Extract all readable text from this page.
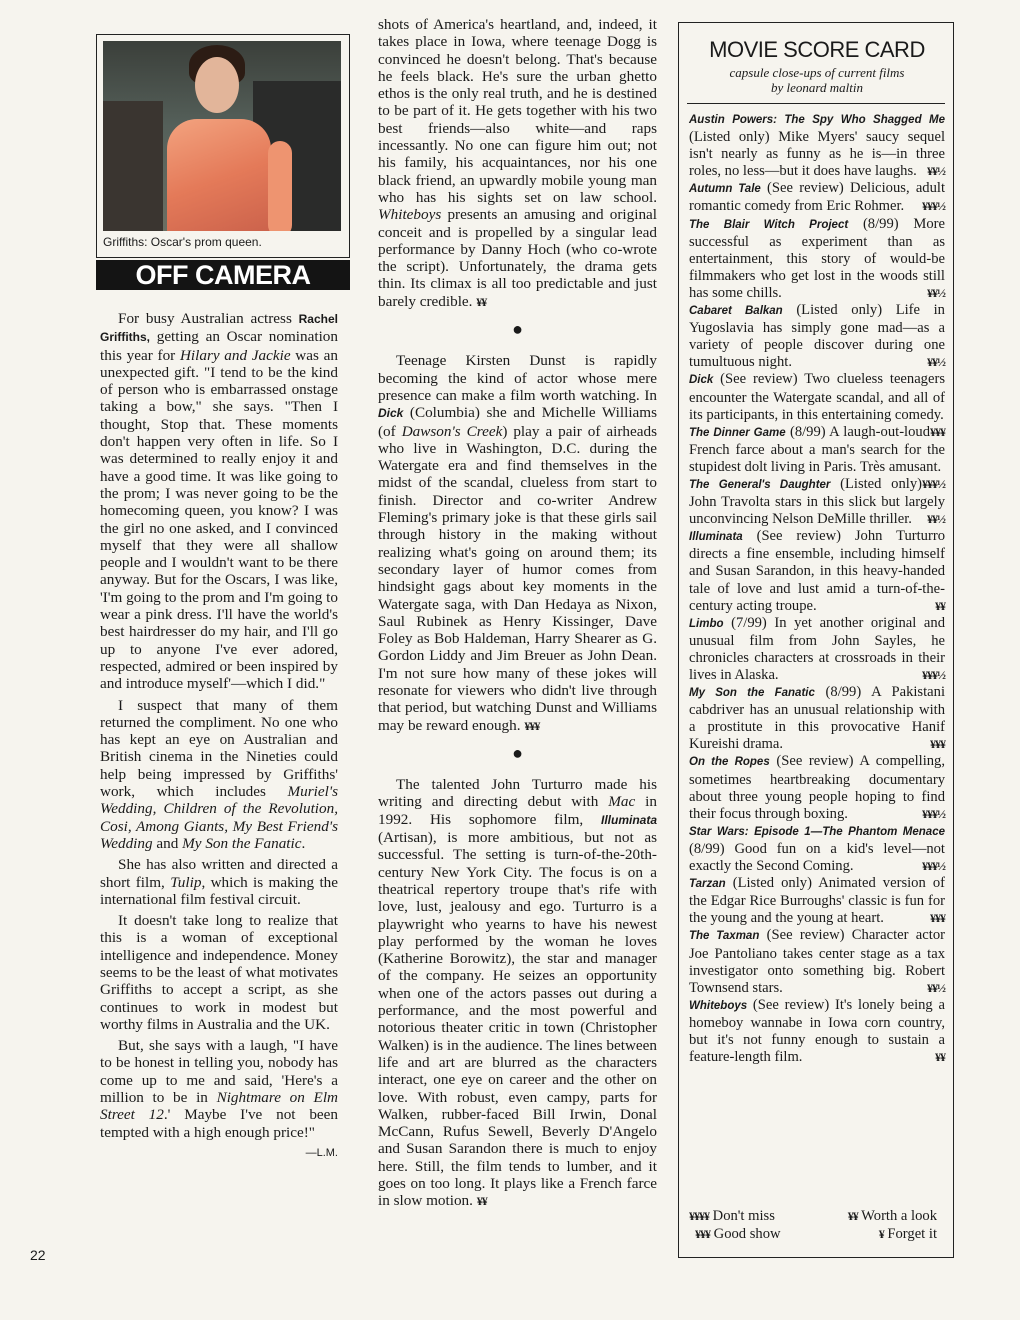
22
Griffiths: Oscar's prom queen.
OFF CAMERA

For busy Australian actress Rachel Griffiths, getting an Oscar nomination this year for Hilary and Jackie was an unexpected gift. "I tend to be the kind of person who is embarrassed onstage taking a bow," she says. "Then I thought, Stop that. These moments don't happen very often in life. So I was determined to really enjoy it and have a good time. It was like going to the prom; I was never going to be the homecoming queen, you know? I was the girl no one asked, and I convinced myself that they were all shallow people and I wouldn't want to be there anyway. But for the Oscars, I was like, 'I'm going to the prom and I'm going to wear a pink dress. I'll have the world's best hairdresser do my hair, and I'll go up to anyone I've ever adored, respected, admired or been inspired by and introduce myself'—which I did."

I suspect that many of them returned the compliment. No one who has kept an eye on Australian and British cinema in the Nineties could help being impressed by Griffiths' work, which includes Muriel's Wedding, Children of the Revolution, Cosi, Among Giants, My Best Friend's Wedding and My Son the Fanatic.

She has also written and directed a short film, Tulip, which is making the international film festival circuit.

It doesn't take long to realize that this is a woman of exceptional intelligence and independence. Money seems to be the least of what motivates Griffiths to accept a script, as she continues to work in modest but worthy films in Australia and the UK.

But, she says with a laugh, "I have to be honest in telling you, nobody has come up to me and said, 'Here's a million to be in Nightmare on Elm Street 12.' Maybe I've not been tempted with a high enough price!"
—L.M.

shots of America's heartland, and, indeed, it takes place in Iowa, where teenage Dogg is convinced he doesn't belong. That's because he feels black. He's sure the urban ghetto ethos is the only real truth, and he is destined to be part of it. He gets together with his two best friends—also white—and raps incessantly. No one can figure him out; not his family, his acquaintances, nor his one black friend, an upwardly mobile young man who has his sights set on law school. Whiteboys presents an amusing and original conceit and is propelled by a singular lead performance by Danny Hoch (who co-wrote the script). Unfortunately, the drama gets thin. Its climax is all too predictable and just barely credible. ¥¥

●

Teenage Kirsten Dunst is rapidly becoming the kind of actor whose mere presence can make a film worth watching. In Dick (Columbia) she and Michelle Williams (of Dawson's Creek) play a pair of airheads who live in Washington, D.C. during the Watergate era and find themselves in the midst of the scandal, clueless from start to finish. Director and co-writer Andrew Fleming's primary joke is that these girls sail through history in the making without realizing what's going on around them; its secondary layer of humor comes from hindsight gags about key moments in the Watergate saga, with Dan Hedaya as Nixon, Saul Rubinek as Henry Kissinger, Dave Foley as Bob Haldeman, Harry Shearer as G. Gordon Liddy and Jim Breuer as John Dean. I'm not sure how many of these jokes will resonate for viewers who didn't live through that period, but watching Dunst and Williams may be reward enough. ¥¥¥

●

The talented John Turturro made his writing and directing debut with Mac in 1992. His sophomore film, Illuminata (Artisan), is more ambitious, but not as successful. The setting is turn-of-the-20th-century New York City. The focus is on a theatrical repertory troupe that's rife with love, lust, jealousy and ego. Turturro is a playwright who yearns to have his newest play performed by the woman he loves (Katherine Borowitz), the star and manager of the company. He seizes an opportunity when one of the actors passes out during a performance, and the most powerful and notorious theater critic in town (Christopher Walken) is in the audience. The lines between life and art are blurred as the characters interact, one eye on career and the other on love. With robust, even campy, parts for Walken, rubber-faced Bill Irwin, Donal McCann, Rufus Sewell, Beverly D'Angelo and Susan Sarandon there is much to enjoy here. Still, the film tends to lumber, and it goes on too long. It plays like a French farce in slow motion. ¥¥

MOVIE SCORE CARD
capsule close-ups of current films
by leonard maltin
Austin Powers: The Spy Who Shagged Me (Listed only) Mike Myers' saucy sequel isn't nearly as funny as he is—in three roles, no less—but it does have laughs. ¥¥½
Autumn Tale (See review) Delicious, adult romantic comedy from Eric Rohmer. ¥¥¥½
The Blair Witch Project (8/99) More successful as experiment than as entertainment, this story of would-be filmmakers who get lost in the woods still has some chills.	¥¥½
Cabaret Balkan (Listed only) Life in Yugoslavia has simply gone mad—as a variety of people discover during one tumultuous night.	¥¥½
Dick (See review) Two clueless teenagers encounter the Watergate scandal, and all of its participants, in this entertaining comedy.
¥¥¥
The Dinner Game (8/99) A laugh-out-loud French farce about a man's search for the stupidest dolt living in Paris. Très amusant.
¥¥¥½
The General's Daughter (Listed only) John Travolta stars in this slick but largely unconvincing Nelson DeMille thriller. ¥¥½
Illuminata (See review) John Turturro directs a fine ensemble, including himself and Susan Sarandon, in this heavy-handed tale of love and lust amid a turn-of-the-century acting troupe.	¥¥
Limbo (7/99) In yet another original and unusual film from John Sayles, he chronicles characters at crossroads in their lives in Alaska.	¥¥¥½
My Son the Fanatic (8/99) A Pakistani cabdriver has an unusual relationship with a prostitute in this provocative Hanif Kureishi drama.	¥¥¥
On the Ropes (See review) A compelling, sometimes heartbreaking documentary about three young people hoping to find their focus through boxing.	¥¥¥½
Star Wars: Episode 1—The Phantom Menace (8/99) Good fun on a kid's level—not exactly the Second Coming.	¥¥¥½
Tarzan (Listed only) Animated version of the Edgar Rice Burroughs' classic is fun for the young and the young at heart.	¥¥¥
The Taxman (See review) Character actor Joe Pantoliano takes center stage as a tax investigator onto something big. Robert Townsend stars.	¥¥½
Whiteboys (See review) It's lonely being a homeboy wannabe in Iowa corn country, but it's not funny enough to sustain a feature-length film.	¥¥
¥¥¥¥ Don't miss	¥¥ Worth a look
¥¥¥ Good show	¥ Forget it
